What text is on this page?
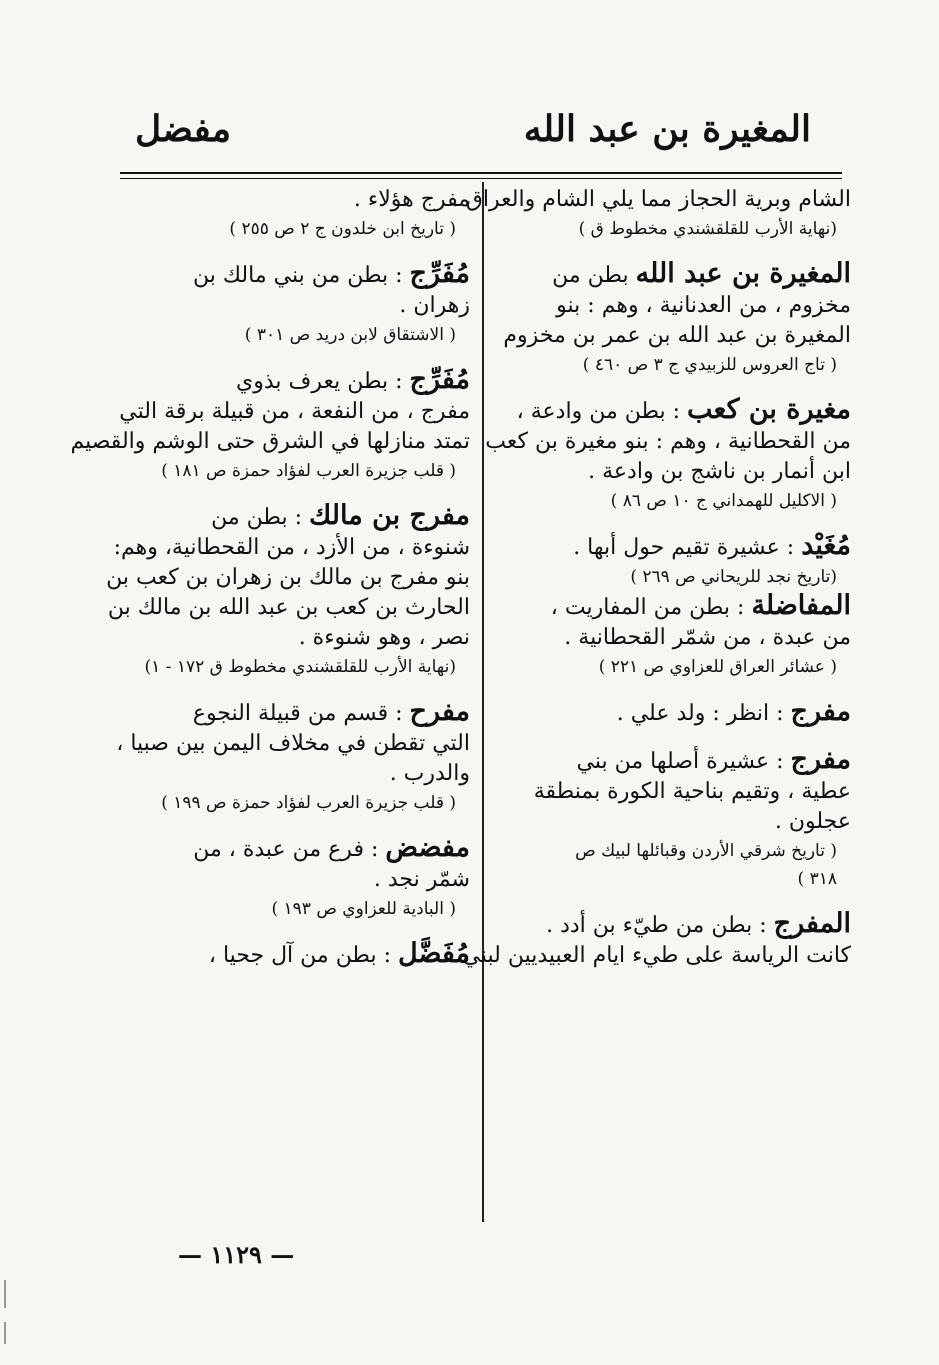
المغيرة بن عبد الله
مفضل
الشام وبرية الحجاز مما يلي الشام والعراق .
(نهاية الأرب للقلقشندي مخطوط ق )
المغيرة بن عبد الله بطن من
مخزوم ، من العدنانية ، وهم : بنو
المغيرة بن عبد الله بن عمر بن مخزوم
( تاج العروس للزبيدي ج ٣ ص ٤٦٠ )
مغيرة بن كعب : بطن من وادعة ،
من القحطانية ، وهم : بنو مغيرة بن كعب
ابن أنمار بن ناشج بن وادعة .
( الاكليل للهمداني ج ١٠ ص ٨٦ )
مُغَيْد : عشيرة تقيم حول أبها .
(تاريخ نجد للريحاني ص ٢٦٩ )
المفاضلة : بطن من المفاريت ،
من عبدة ، من شمّر القحطانية .
( عشائر العراق للعزاوي ص ٢٢١ )
مفرج : انظر : ولد علي .
مفرج : عشيرة أصلها من بني
عطية ، وتقيم بناحية الكورة بمنطقة
عجلون .
( تاريخ شرقي الأردن وقبائلها لبيك ص
٣١٨ )
المفرج : بطن من طيّء بن أدد .
كانت الرياسة على طيء ايام العبيديين لبني
مفرج هؤلاء .
( تاريخ ابن خلدون ج ٢ ص ٢٥٥ )
مُفَرِّج : بطن من بني مالك بن
زهران .
( الاشتقاق لابن دريد ص ٣٠١ )
مُفَرِّج : بطن يعرف بذوي
مفرج ، من النفعة ، من قبيلة برقة التي
تمتد منازلها في الشرق حتى الوشم والقصيم
( قلب جزيرة العرب لفؤاد حمزة ص ١٨١ )
مفرج بن مالك : بطن من
شنوءة ، من الأزد ، من القحطانية، وهم:
بنو مفرج بن مالك بن زهران بن كعب بن
الحارث بن كعب بن عبد الله بن مالك بن
نصر ، وهو شنوءة .
(نهاية الأرب للقلقشندي مخطوط ق ١٧٢ - ١)
مفرح : قسم من قبيلة النجوع
التي تقطن في مخلاف اليمن بين صبيا ،
والدرب .
( قلب جزيرة العرب لفؤاد حمزة ص ١٩٩ )
مفضض : فرع من عبدة ، من
شمّر نجد .
( البادية للعزاوي ص ١٩٣ )
مُفَضَّل : بطن من آل جحيا ،
— ١١٢٩ —
